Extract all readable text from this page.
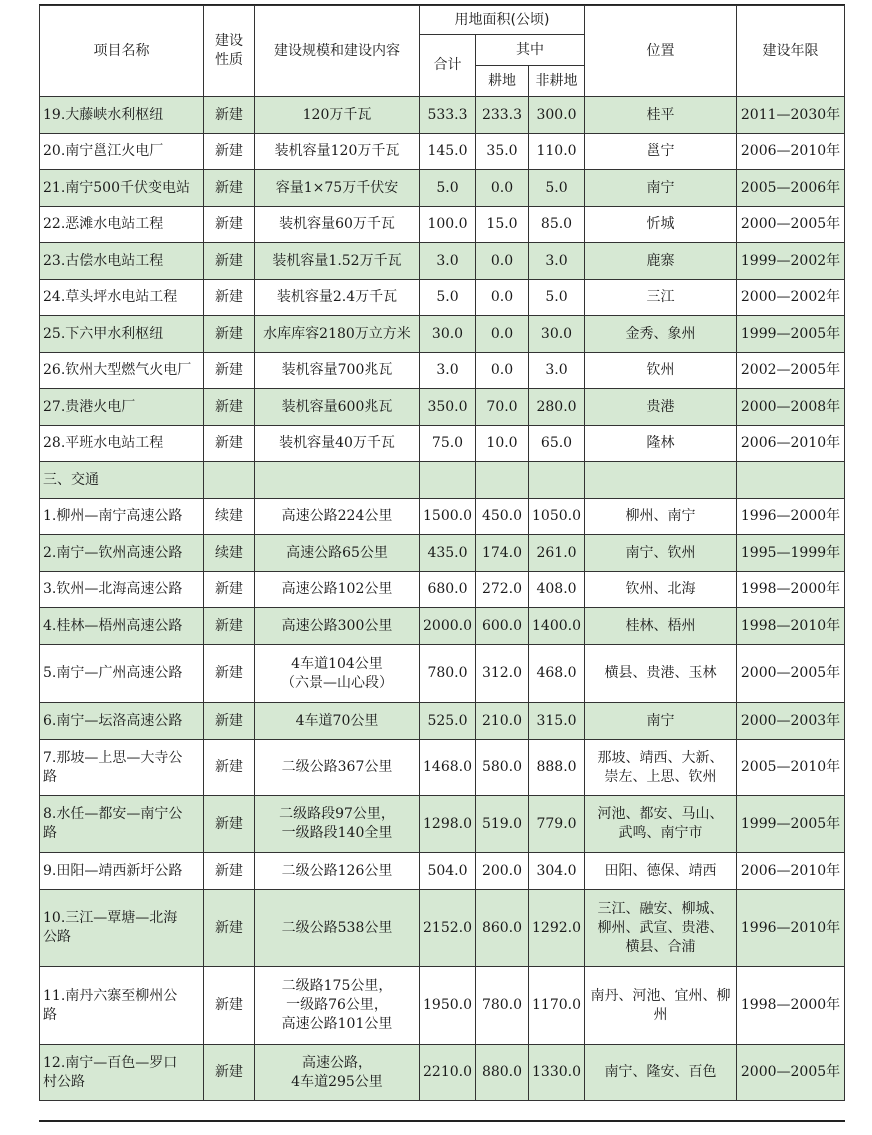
项目名称	建设
性质	建设规模和建设内容	用地面积(公顷)			位置	建设年限
			合计	其中			
				耕地	非耕地		
19.大藤峡水利枢纽	新建	120万千瓦	533.3	233.3	300.0	桂平	2011—2030年
20.南宁邕江火电厂	新建	装机容量120万千瓦	145.0	35.0	110.0	邕宁	2006—2010年
21.南宁500千伏变电站	新建	容量1×75万千伏安	5.0	0.0	5.0	南宁	2005—2006年
22.恶滩水电站工程	新建	装机容量60万千瓦	100.0	15.0	85.0	忻城	2000—2005年
23.古偿水电站工程	新建	装机容量1.52万千瓦	3.0	0.0	3.0	鹿寨	1999—2002年
24.草头坪水电站工程	新建	装机容量2.4万千瓦	5.0	0.0	5.0	三江	2000—2002年
25.下六甲水利枢纽	新建	水库库容2180万立方米	30.0	0.0	30.0	金秀、象州	1999—2005年
26.钦州大型燃气火电厂	新建	装机容量700兆瓦	3.0	0.0	3.0	钦州	2002—2005年
27.贵港火电厂	新建	装机容量600兆瓦	350.0	70.0	280.0	贵港	2000—2008年
28.平班水电站工程	新建	装机容量40万千瓦	75.0	10.0	65.0	隆林	2006—2010年
三、交通							
1.柳州—南宁高速公路	续建	高速公路224公里	1500.0	450.0	1050.0	柳州、南宁	1996—2000年
2.南宁—钦州高速公路	续建	高速公路65公里	435.0	174.0	261.0	南宁、钦州	1995—1999年
3.钦州—北海高速公路	新建	高速公路102公里	680.0	272.0	408.0	钦州、北海	1998—2000年
4.桂林—梧州高速公路	新建	高速公路300公里	2000.0	600.0	1400.0	桂林、梧州	1998—2010年
5.南宁—广州高速公路	新建	4车道104公里
（六景—山心段）	780.0	312.0	468.0	横县、贵港、玉林	2000—2005年
6.南宁—坛洛高速公路	新建	4车道70公里	525.0	210.0	315.0	南宁	2000—2003年
7.那坡—上思—大寺公
路	新建	二级公路367公里	1468.0	580.0	888.0	那坡、靖西、大新、
崇左、上思、钦州	2005—2010年
8.水任—都安—南宁公
路	新建	二级路段97公里，
一级路段140全里	1298.0	519.0	779.0	河池、都安、马山、
武鸣、南宁市	1999—2005年
9.田阳—靖西新圩公路	新建	二级公路126公里	504.0	200.0	304.0	田阳、德保、靖西	2006—2010年
10.三江—覃塘—北海
公路	新建	二级公路538公里	2152.0	860.0	1292.0	三江、融安、柳城、
柳州、武宣、贵港、
横县、合浦	1996—2010年
11.南丹六寨至柳州公
路	新建	二级路175公里，
一级路76公里，
高速公路101公里	1950.0	780.0	1170.0	南丹、河池、宜州、柳州	1998—2000年
12.南宁—百色—罗口
村公路	新建	高速公路，
4车道295公里	2210.0	880.0	1330.0	南宁、隆安、百色	2000—2005年
